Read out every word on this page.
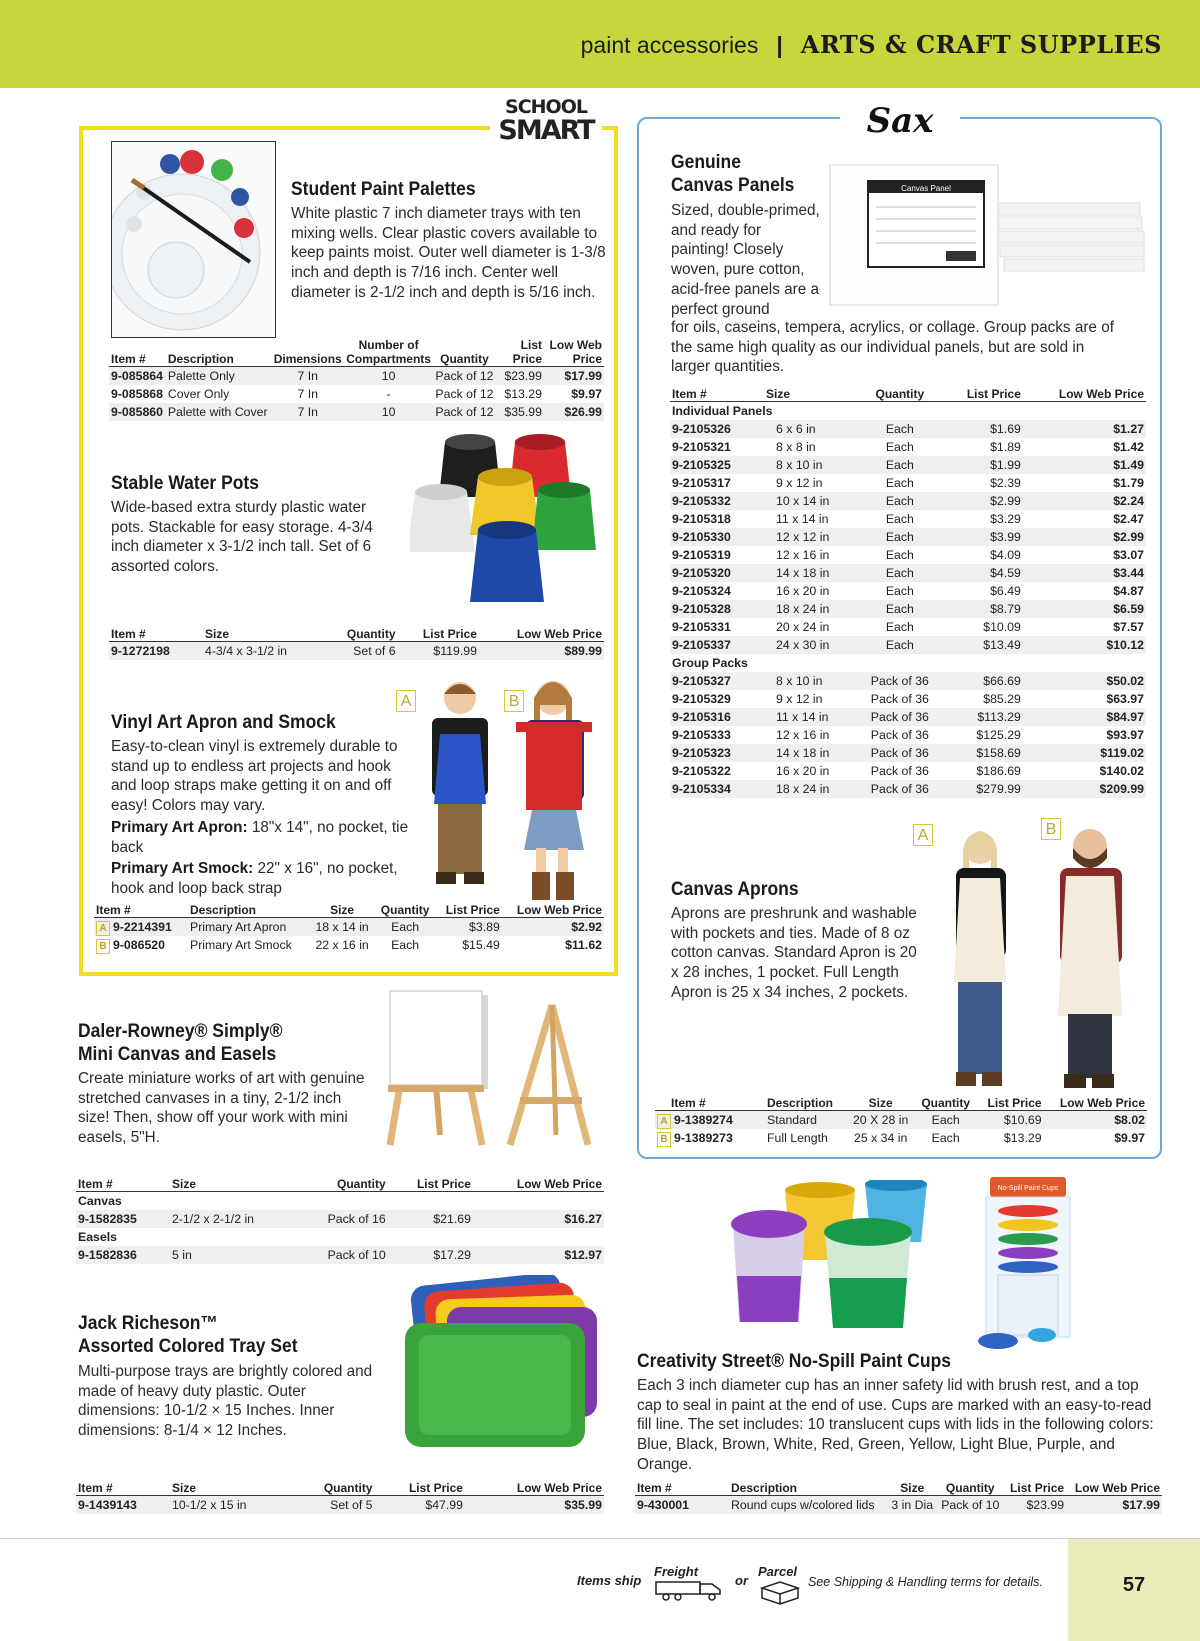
paint accessories | ARTS & CRAFT SUPPLIES
SCHOOL
SMART	Sax
Student Paint Palettes
White plastic 7 inch diameter trays with ten mixing wells. Clear plastic covers available to keep paints moist. Outer well diameter is 1-3/8 inch and depth is 7/16 inch. Center well diameter is 2-1/2 inch and depth is 5/16 inch.
Item #	Description	Dimensions	Number of Compartments	Quantity	List Price	Low Web Price
9-085864	Palette Only	7 In	10	Pack of 12	$23.99	$17.99
9-085868	Cover Only	7 In	-	Pack of 12	$13.29	$9.97
9-085860	Palette with Cover	7 In	10	Pack of 12	$35.99	$26.99
Stable Water Pots
Wide-based extra sturdy plastic water pots. Stackable for easy storage. 4-3/4 inch diameter x 3-1/2 inch tall. Set of 6 assorted colors.
Item #	Size	Quantity	List Price	Low Web Price
9-1272198	4-3/4 x 3-1/2 in	Set of 6	$119.99	$89.99
Vinyl Art Apron and Smock
Easy-to-clean vinyl is extremely durable to stand up to endless art projects and hook and loop straps make getting it on and off easy! Colors may vary.
Primary Art Apron: 18"x 14", no pocket, tie back
Primary Art Smock: 22" x 16", no pocket, hook and loop back strap
A	B
Item #	Description	Size	Quantity	List Price	Low Web Price
A 9-2214391	Primary Art Apron	18 x 14 in	Each	$3.89	$2.92
B 9-086520	Primary Art Smock	22 x 16 in	Each	$15.49	$11.62
Daler-Rowney® Simply®
Mini Canvas and Easels
Create miniature works of art with genuine stretched canvases in a tiny, 2-1/2 inch size! Then, show off your work with mini easels, 5"H.
Item #	Size	Quantity	List Price	Low Web Price
Canvas				
9-1582835	2-1/2 x 2-1/2 in	Pack of 16	$21.69	$16.27
Easels				
9-1582836	5 in	Pack of 10	$17.29	$12.97
Jack Richeson™
Assorted Colored Tray Set
Multi-purpose trays are brightly colored and made of heavy duty plastic. Outer dimensions: 10-1/2 × 15 Inches. Inner dimensions: 8-1/4 × 12 Inches.
Item #	Size	Quantity	List Price	Low Web Price
9-1439143	10-1/2 x 15 in	Set of 5	$47.99	$35.99
Genuine
Canvas Panels
Sized, double-primed, and ready for painting! Closely woven, pure cotton, acid-free panels are a perfect ground
for oils, caseins, tempera, acrylics, or collage. Group packs are of the same high quality as our individual panels, but are sold in larger quantities.
Canvas Panel
Item #	Size	Quantity	List Price	Low Web Price
Individual Panels				
9-2105326	6 x 6 in	Each	$1.69	$1.27
9-2105321	8 x 8 in	Each	$1.89	$1.42
9-2105325	8 x 10 in	Each	$1.99	$1.49
9-2105317	9 x 12 in	Each	$2.39	$1.79
9-2105332	10 x 14 in	Each	$2.99	$2.24
9-2105318	11 x 14 in	Each	$3.29	$2.47
9-2105330	12 x 12 in	Each	$3.99	$2.99
9-2105319	12 x 16 in	Each	$4.09	$3.07
9-2105320	14 x 18 in	Each	$4.59	$3.44
9-2105324	16 x 20 in	Each	$6.49	$4.87
9-2105328	18 x 24 in	Each	$8.79	$6.59
9-2105331	20 x 24 in	Each	$10.09	$7.57
9-2105337	24 x 30 in	Each	$13.49	$10.12
Group Packs				
9-2105327	8 x 10 in	Pack of 36	$66.69	$50.02
9-2105329	9 x 12 in	Pack of 36	$85.29	$63.97
9-2105316	11 x 14 in	Pack of 36	$113.29	$84.97
9-2105333	12 x 16 in	Pack of 36	$125.29	$93.97
9-2105323	14 x 18 in	Pack of 36	$158.69	$119.02
9-2105322	16 x 20 in	Pack of 36	$186.69	$140.02
9-2105334	18 x 24 in	Pack of 36	$279.99	$209.99
A	B
Canvas Aprons
Aprons are preshrunk and washable with pockets and ties. Made of 8 oz cotton canvas. Standard Apron is 20 x 28 inches, 1 pocket. Full Length Apron is 25 x 34 inches, 2 pockets.
Item #	Description	Size	Quantity	List Price	Low Web Price
A 9-1389274	Standard	20 X 28 in	Each	$10.69	$8.02
B 9-1389273	Full Length	25 x 34 in	Each	$13.29	$9.97
No-Spill Paint Cups
Creativity Street® No-Spill Paint Cups
Each 3 inch diameter cup has an inner safety lid with brush rest, and a top cap to seal in paint at the end of use. Cups are marked with an easy-to-read fill line. The set includes: 10 translucent cups with lids in the following colors: Blue, Black, Brown, White, Red, Green, Yellow, Light Blue, Purple, and Orange.
Item #	Description	Size	Quantity	List Price	Low Web Price
9-430001	Round cups w/colored lids	3 in Dia	Pack of 10	$23.99	$17.99
57
Items ship
Freight
or
Parcel
See Shipping & Handling terms for details.
